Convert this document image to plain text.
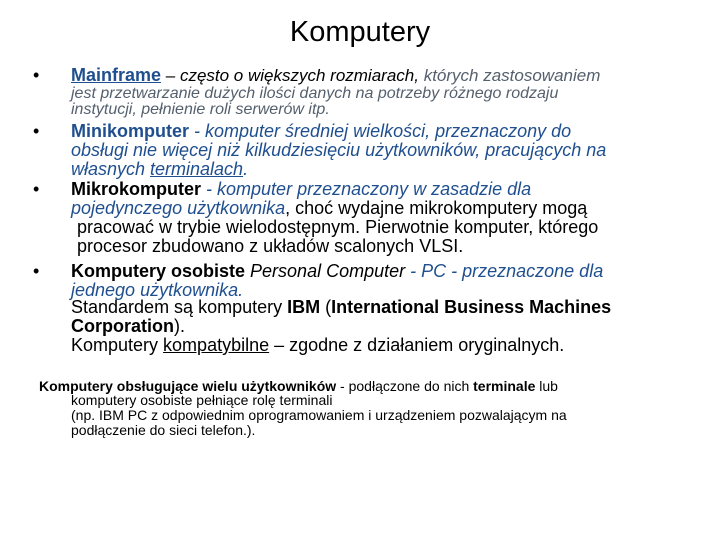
Komputery
• Mainframe – często o większych rozmiarach, których zastosowaniem
jest przetwarzanie dużych ilości danych na potrzeby różnego rodzaju
instytucji, pełnienie roli serwerów itp.
• Minikomputer - komputer średniej wielkości, przeznaczony do
obsługi nie więcej niż kilkudziesięciu użytkowników, pracujących na
własnych terminalach.
• Mikrokomputer - komputer przeznaczony w zasadzie dla
pojedynczego użytkownika, choć wydajne mikrokomputery mogą
pracować w trybie wielodostępnym. Pierwotnie komputer, którego
procesor zbudowano z układów scalonych VLSI.
• Komputery osobiste Personal Computer - PC - przeznaczone dla
jednego użytkownika.
Standardem są komputery IBM (International Business Machines
Corporation).
Komputery kompatybilne – zgodne z działaniem oryginalnych.
Komputery obsługujące wielu użytkowników - podłączone do nich terminale lub
komputery osobiste pełniące rolę terminali
(np. IBM PC z odpowiednim oprogramowaniem i urządzeniem pozwalającym na
podłączenie do sieci telefon.).
